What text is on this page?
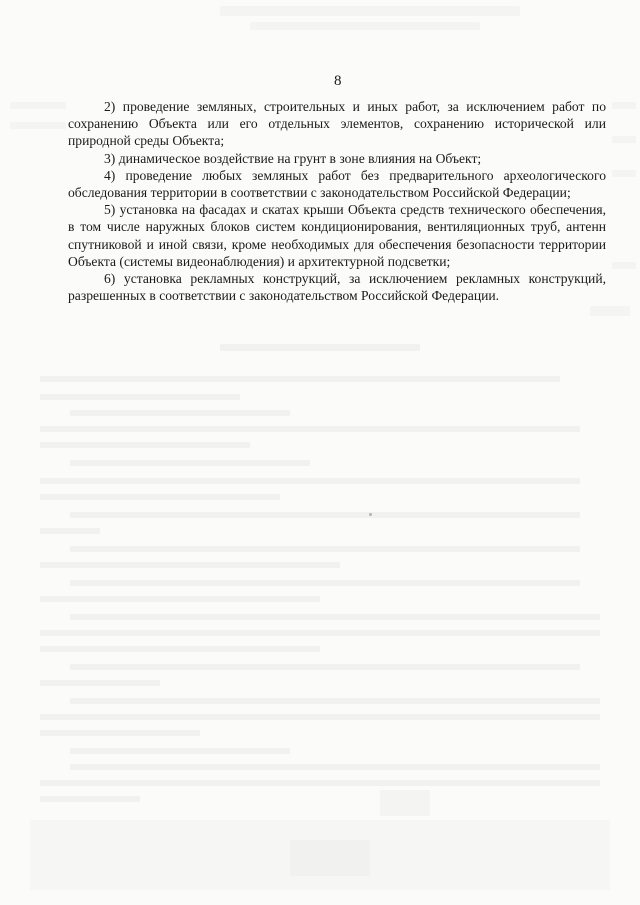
8

2) проведение земляных, строительных и иных работ, за исключением работ по сохранению Объекта или его отдельных элементов, сохранению исторической или природной среды Объекта;

3) динамическое воздействие на грунт в зоне влияния на Объект;

4) проведение любых земляных работ без предварительного археологического обследования территории в соответствии с законодательством Российской Федерации;

5) установка на фасадах и скатах крыши Объекта средств технического обеспечения, в том числе наружных блоков систем кондиционирования, вентиляционных труб, антенн спутниковой и иной связи, кроме необходимых для обеспечения безопасности территории Объекта (системы видеонаблюдения) и архитектурной подсветки;

6) установка рекламных конструкций, за исключением рекламных конструкций, разрешенных в соответствии с законодательством Российской Федерации.
